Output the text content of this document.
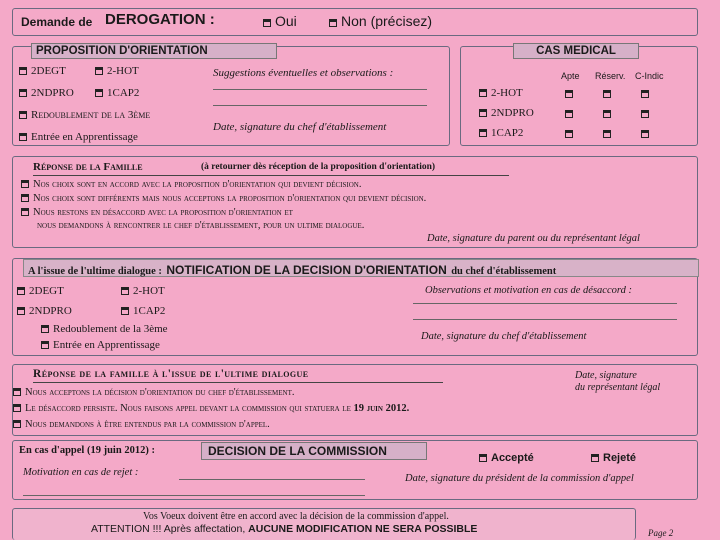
Demande de DEROGATION :	Oui	Non (précisez)
PROPOSITION D'ORIENTATION
2DEGT	2-HOT
2NDPRO	1CAP2
Redoublement de la 3ème
Entrée en Apprentissage
Suggestions éventuelles et observations :
Date, signature du chef d'établissement
CAS MEDICAL
Apte Réserv. C-Indic
2-HOT
2NDPRO
1CAP2
Réponse de la Famille	(à retourner dès réception de la proposition d'orientation)
Nos choix sont en accord avec la proposition d'orientation qui devient décision.
Nos choix sont différents mais nous acceptons la proposition d'orientation qui devient décision.
Nous restons en désaccord avec la proposition d'orientation et
nous demandons à rencontrer le chef d'établissement, pour un ultime dialogue.
Date, signature du parent ou du représentant légal
A l'issue de l'ultime dialogue : NOTIFICATION DE LA DECISION D'ORIENTATION du chef d'établissement
2DEGT	2-HOT
2NDPRO	1CAP2
Redoublement de la 3ème
Entrée en Apprentissage
Observations et motivation en cas de désaccord :
Date, signature du chef d'établissement
Réponse de la famille à l'issue de l'ultime dialogue	Date, signature
du représentant légal
Nous acceptons la décision d'orientation du chef d'établissement.
Le désaccord persiste. Nous faisons appel devant la commission qui statuera le 19 juin 2012.
Nous demandons à être entendus par la commission d'appel.
En cas d'appel (19 juin 2012) :	DECISION DE LA COMMISSION	Accepté	Rejeté
Motivation en cas de rejet :
Date, signature du président de la commission d'appel
Vos Voeux doivent être en accord avec la décision de la commission d'appel.
ATTENTION !!! Après affectation, AUCUNE MODIFICATION NE SERA POSSIBLE	Page 2
